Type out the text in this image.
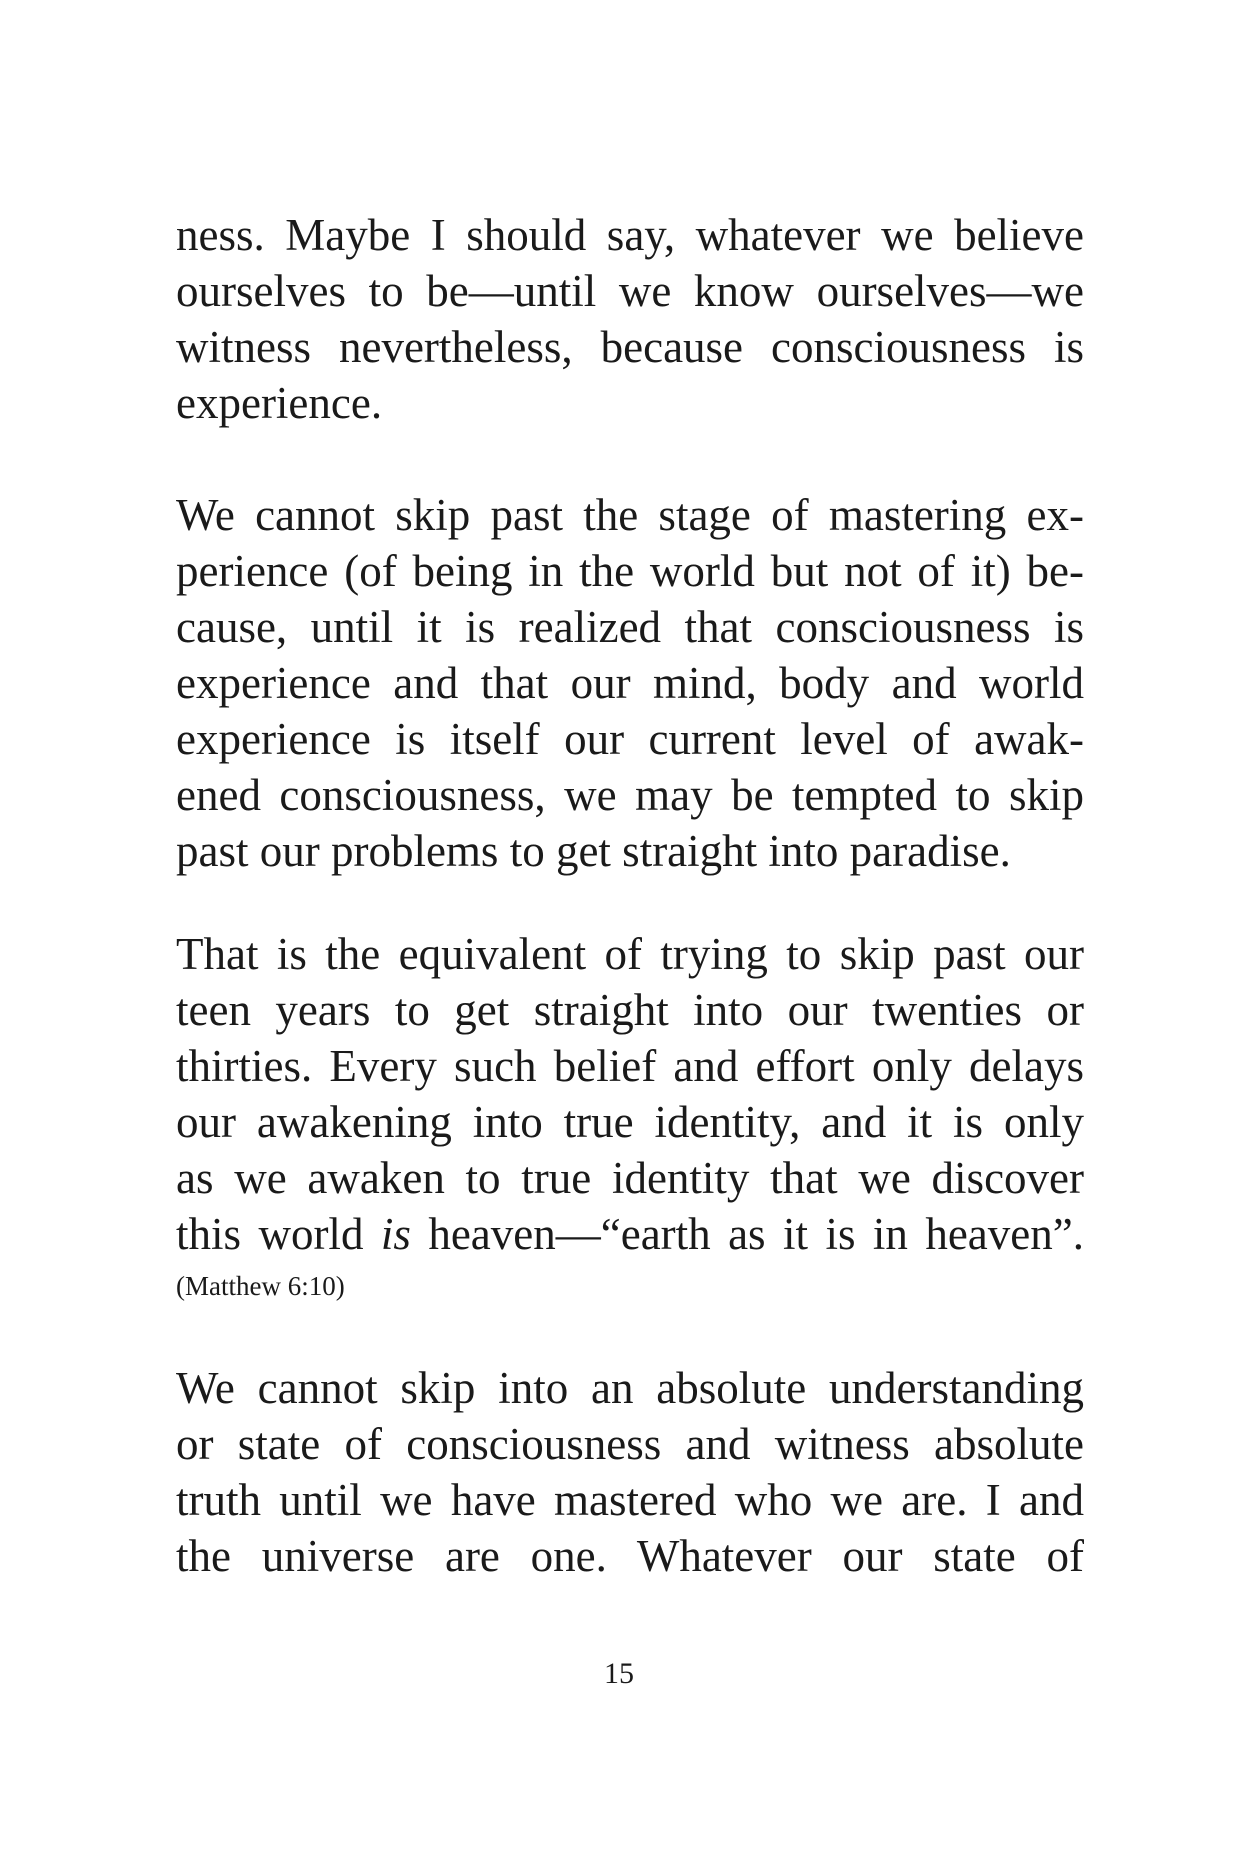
ness. Maybe I should say, whatever we believe
ourselves to be—until we know ourselves—we
witness nevertheless, because consciousness is
experience.
We cannot skip past the stage of mastering ex-
perience (of being in the world but not of it) be-
cause, until it is realized that consciousness is
experience and that our mind, body and world
experience is itself our current level of awak-
ened consciousness, we may be tempted to skip
past our problems to get straight into paradise.
That is the equivalent of trying to skip past our
teen years to get straight into our twenties or
thirties. Every such belief and effort only delays
our awakening into true identity, and it is only
as we awaken to true identity that we discover
this world is heaven—“earth as it is in heaven”.

(Matthew 6:10)

We cannot skip into an absolute understanding
or state of consciousness and witness absolute
truth until we have mastered who we are. I and
the universe are one. Whatever our state of

15
